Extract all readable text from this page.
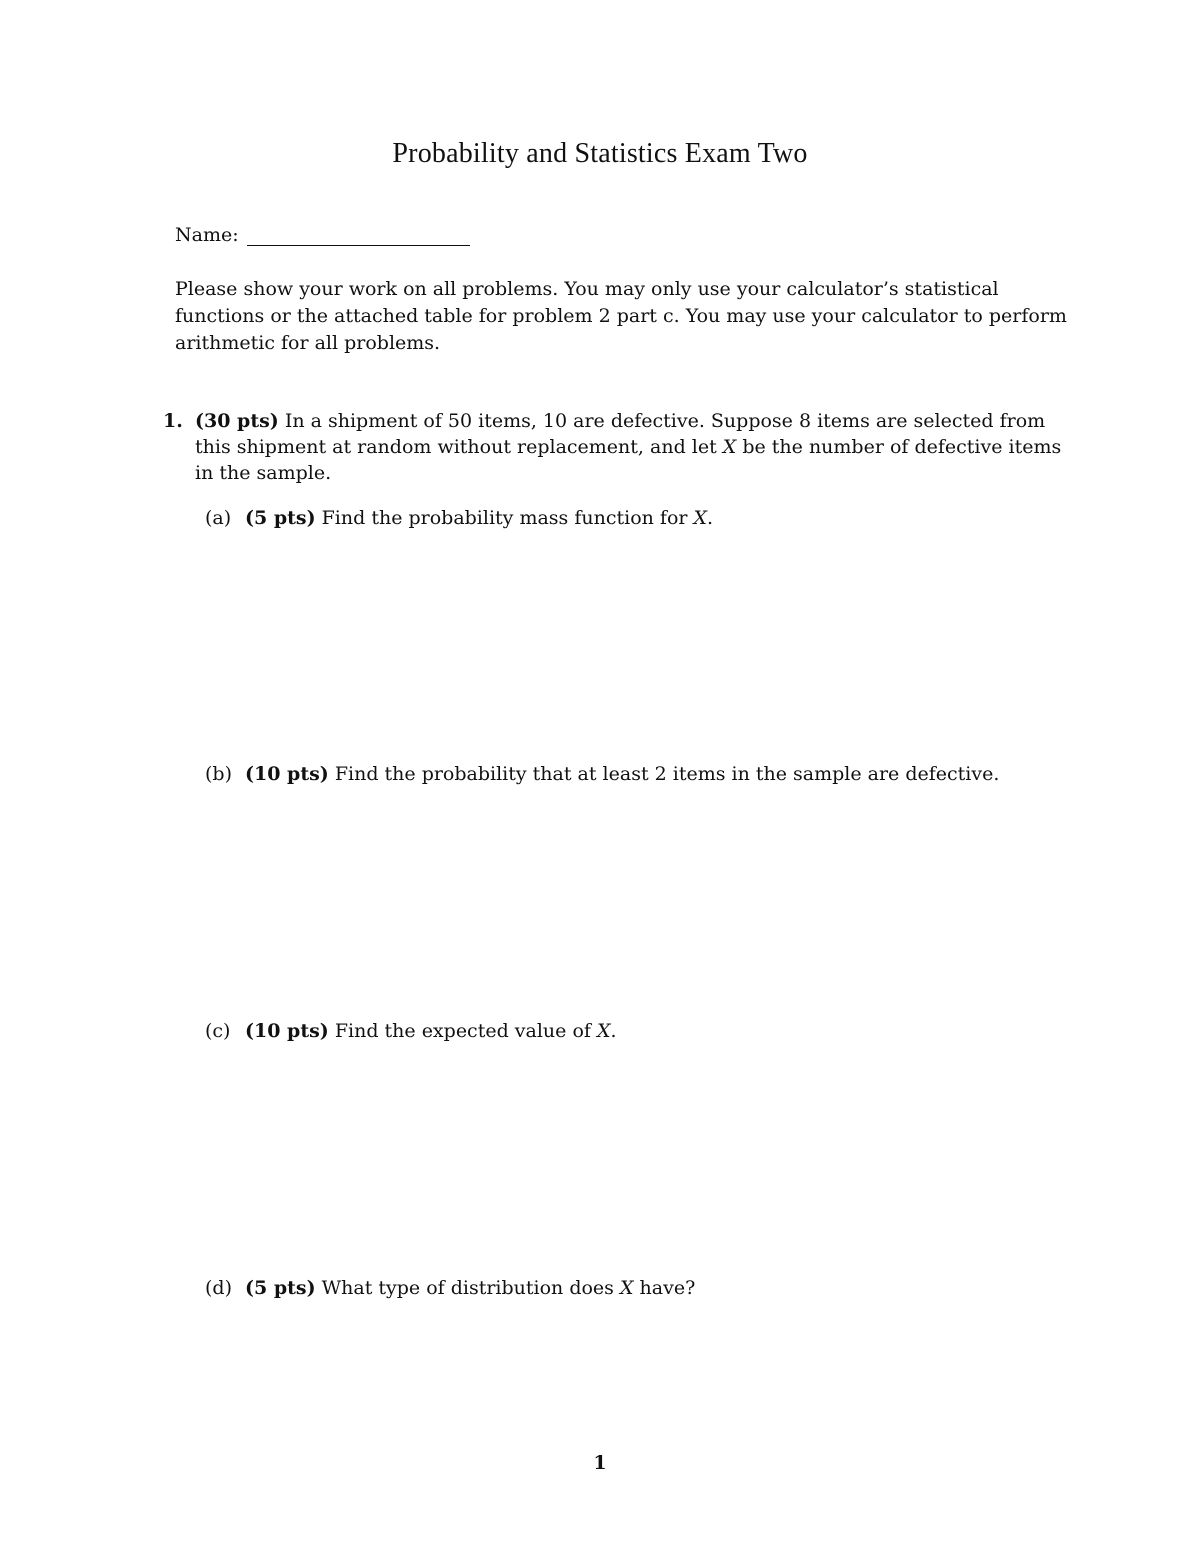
Probability and Statistics Exam Two
Name:
Please show your work on all problems. You may only use your calculator’s statistical functions or the attached table for problem 2 part c. You may use your calculator to perform arithmetic for all problems.
1. (30 pts) In a shipment of 50 items, 10 are defective. Suppose 8 items are selected from this shipment at random without replacement, and let X be the number of defective items in the sample.
(a) (5 pts) Find the probability mass function for X.
(b) (10 pts) Find the probability that at least 2 items in the sample are defective.
(c) (10 pts) Find the expected value of X.
(d) (5 pts) What type of distribution does X have?
1
